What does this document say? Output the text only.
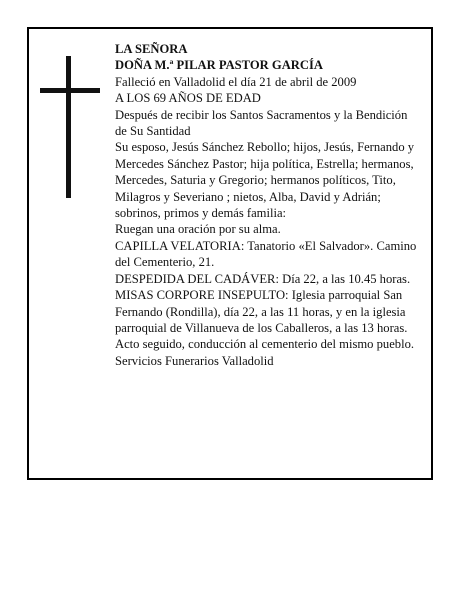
LA SEÑORA

DOÑA M.ª PILAR PASTOR GARCÍA

Falleció en Valladolid el día 21 de abril de 2009

A LOS 69 AÑOS DE EDAD

Después de recibir los Santos Sacramentos y la Bendición de Su Santidad

Su esposo, Jesús Sánchez Rebollo; hijos, Jesús, Fernando y Mercedes Sánchez Pastor; hija política, Estrella; hermanos, Mercedes, Saturia y Gregorio; hermanos políticos, Tito, Milagros y Severiano ; nietos, Alba, David y Adrián; sobrinos, primos y demás familia:

Ruegan una oración por su alma.

CAPILLA VELATORIA: Tanatorio «El Salvador». Camino del Cementerio, 21.

DESPEDIDA DEL CADÁVER: Día 22, a las 10.45 horas.

MISAS CORPORE INSEPULTO: Iglesia parroquial San Fernando (Rondilla), día 22, a las 11 horas, y en la iglesia parroquial de Villanueva de los Caballeros, a las 13 horas. Acto seguido, conducción al cementerio del mismo pueblo.

Servicios Funerarios Valladolid
